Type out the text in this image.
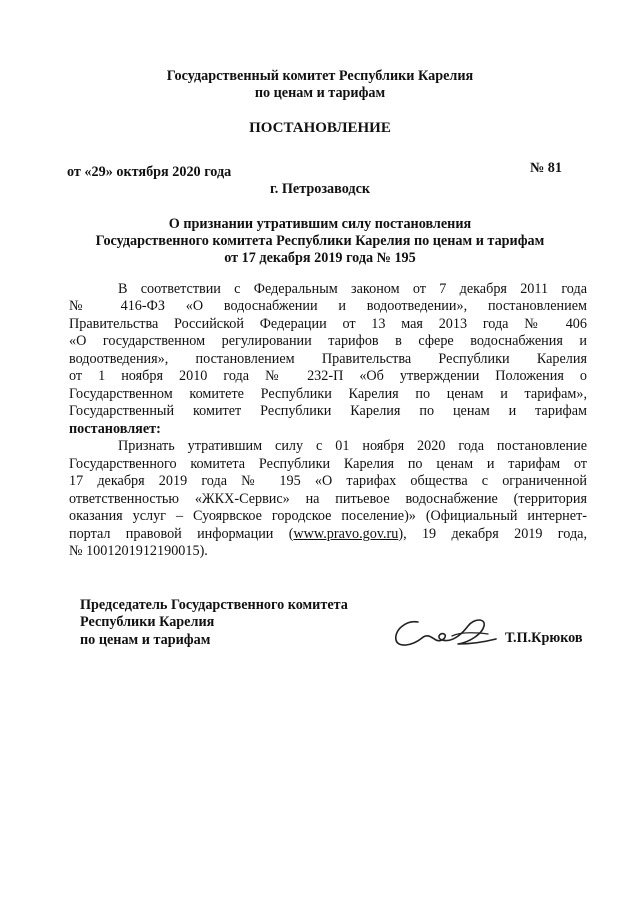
Государственный комитет Республики Карелия
по ценам и тарифам
ПОСТАНОВЛЕНИЕ
от «29» октября 2020 года	№ 81
г. Петрозаводск
О признании утратившим силу постановления
Государственного комитета Республики Карелия по ценам и тарифам
от 17 декабря 2019 года № 195
В соответствии с Федеральным законом от 7 декабря 2011 года
№ 416-ФЗ «О водоснабжении и водоотведении», постановлением
Правительства Российской Федерации от 13 мая 2013 года № 406
«О государственном регулировании тарифов в сфере водоснабжения и
водоотведения», постановлением Правительства Республики Карелия
от 1 ноября 2010 года № 232-П «Об утверждении Положения о
Государственном комитете Республики Карелия по ценам и тарифам»,
Государственный комитет Республики Карелия по ценам и тарифам
постановляет:
Признать утратившим силу с 01 ноября 2020 года постановление
Государственного комитета Республики Карелия по ценам и тарифам от
17 декабря 2019 года № 195 «О тарифах общества с ограниченной
ответственностью «ЖКХ-Сервис» на питьевое водоснабжение (территория
оказания услуг – Суоярвское городское поселение)» (Официальный интернет-
портал правовой информации (www.pravo.gov.ru), 19 декабря 2019 года,
№ 1001201912190015).
Председатель Государственного комитета
Республики Карелия
по ценам и тарифам	Т.П.Крюков
